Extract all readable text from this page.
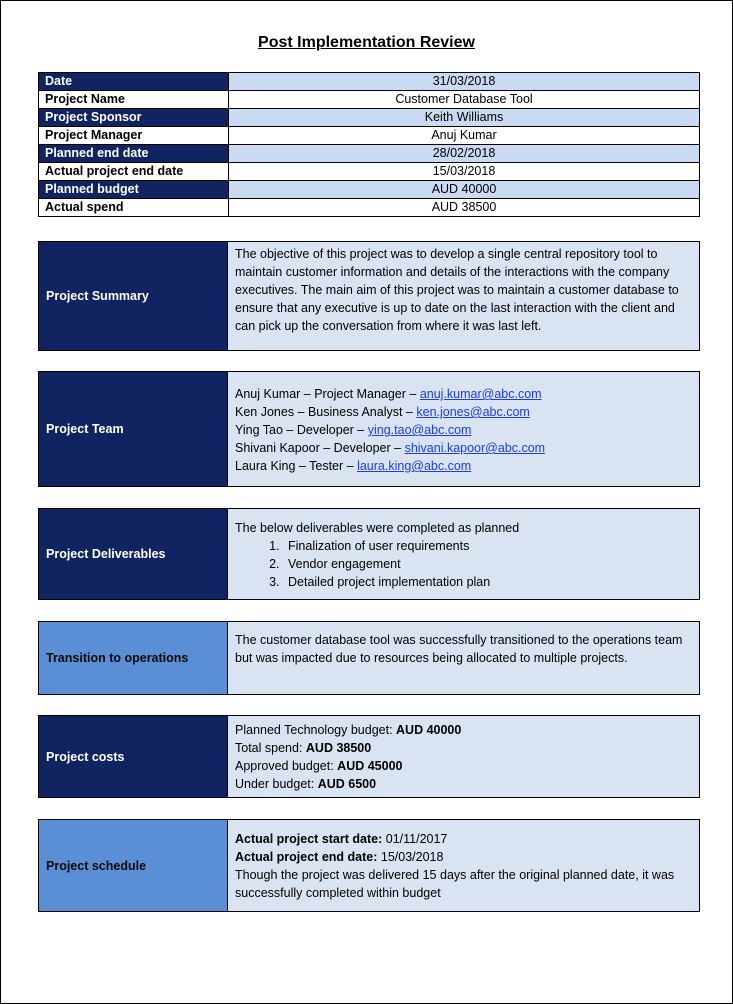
Post Implementation Review
Date	31/03/2018
Project Name	Customer Database Tool
Project Sponsor	Keith Williams
Project Manager	Anuj Kumar
Planned end date	28/02/2018
Actual project end date	15/03/2018
Planned budget	AUD 40000
Actual spend	AUD 38500
Project Summary
The objective of this project was to develop a single central repository tool to maintain customer information and details of the interactions with the company executives. The main aim of this project was to maintain a customer database to ensure that any executive is up to date on the last interaction with the client and can pick up the conversation from where it was last left.
Project Team
Anuj Kumar – Project Manager – anuj.kumar@abc.com
Ken Jones – Business Analyst – ken.jones@abc.com
Ying Tao – Developer – ying.tao@abc.com
Shivani Kapoor – Developer – shivani.kapoor@abc.com
Laura King – Tester – laura.king@abc.com
Project Deliverables
The below deliverables were completed as planned
1. Finalization of user requirements
2. Vendor engagement
3. Detailed project implementation plan
Transition to operations
The customer database tool was successfully transitioned to the operations team but was impacted due to resources being allocated to multiple projects.
Project costs
Planned Technology budget: AUD 40000
Total spend: AUD 38500
Approved budget: AUD 45000
Under budget: AUD 6500
Project schedule
Actual project start date: 01/11/2017
Actual project end date: 15/03/2018
Though the project was delivered 15 days after the original planned date, it was successfully completed within budget
